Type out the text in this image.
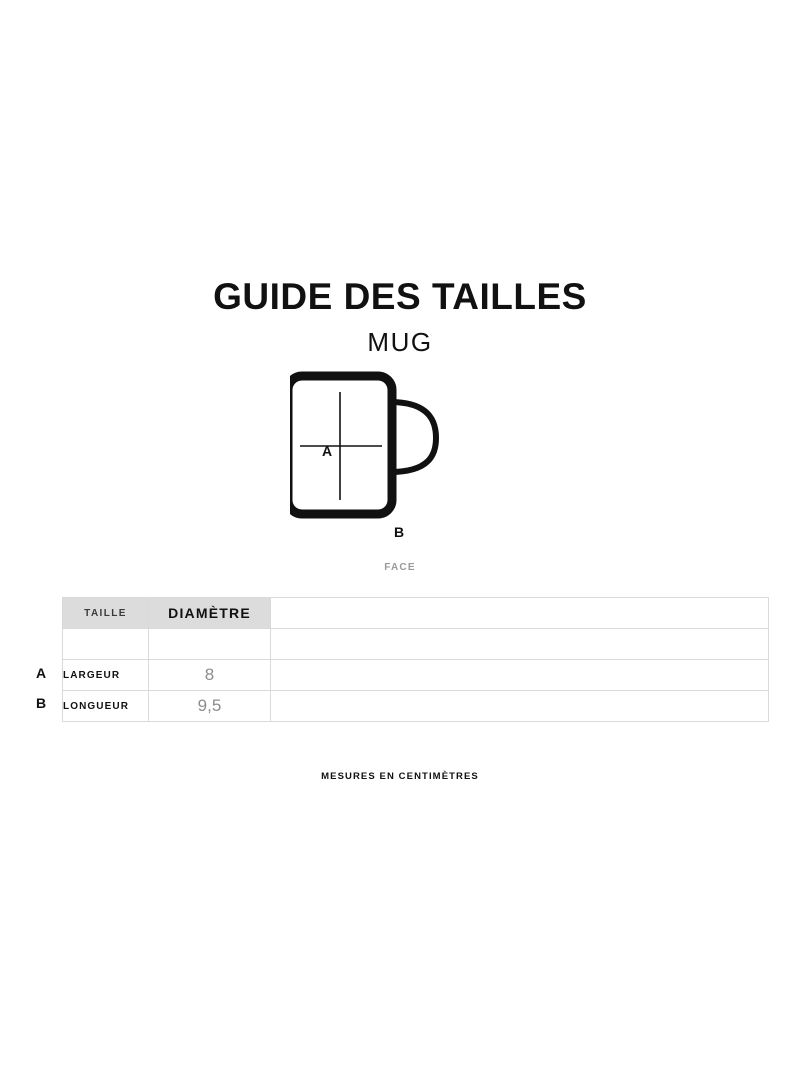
GUIDE DES TAILLES
MUG
A
B
FACE
A
B
TAILLE	DIAMÈTRE	

LARGEUR	8	
LONGUEUR	9,5	
MESURES EN CENTIMÈTRES
